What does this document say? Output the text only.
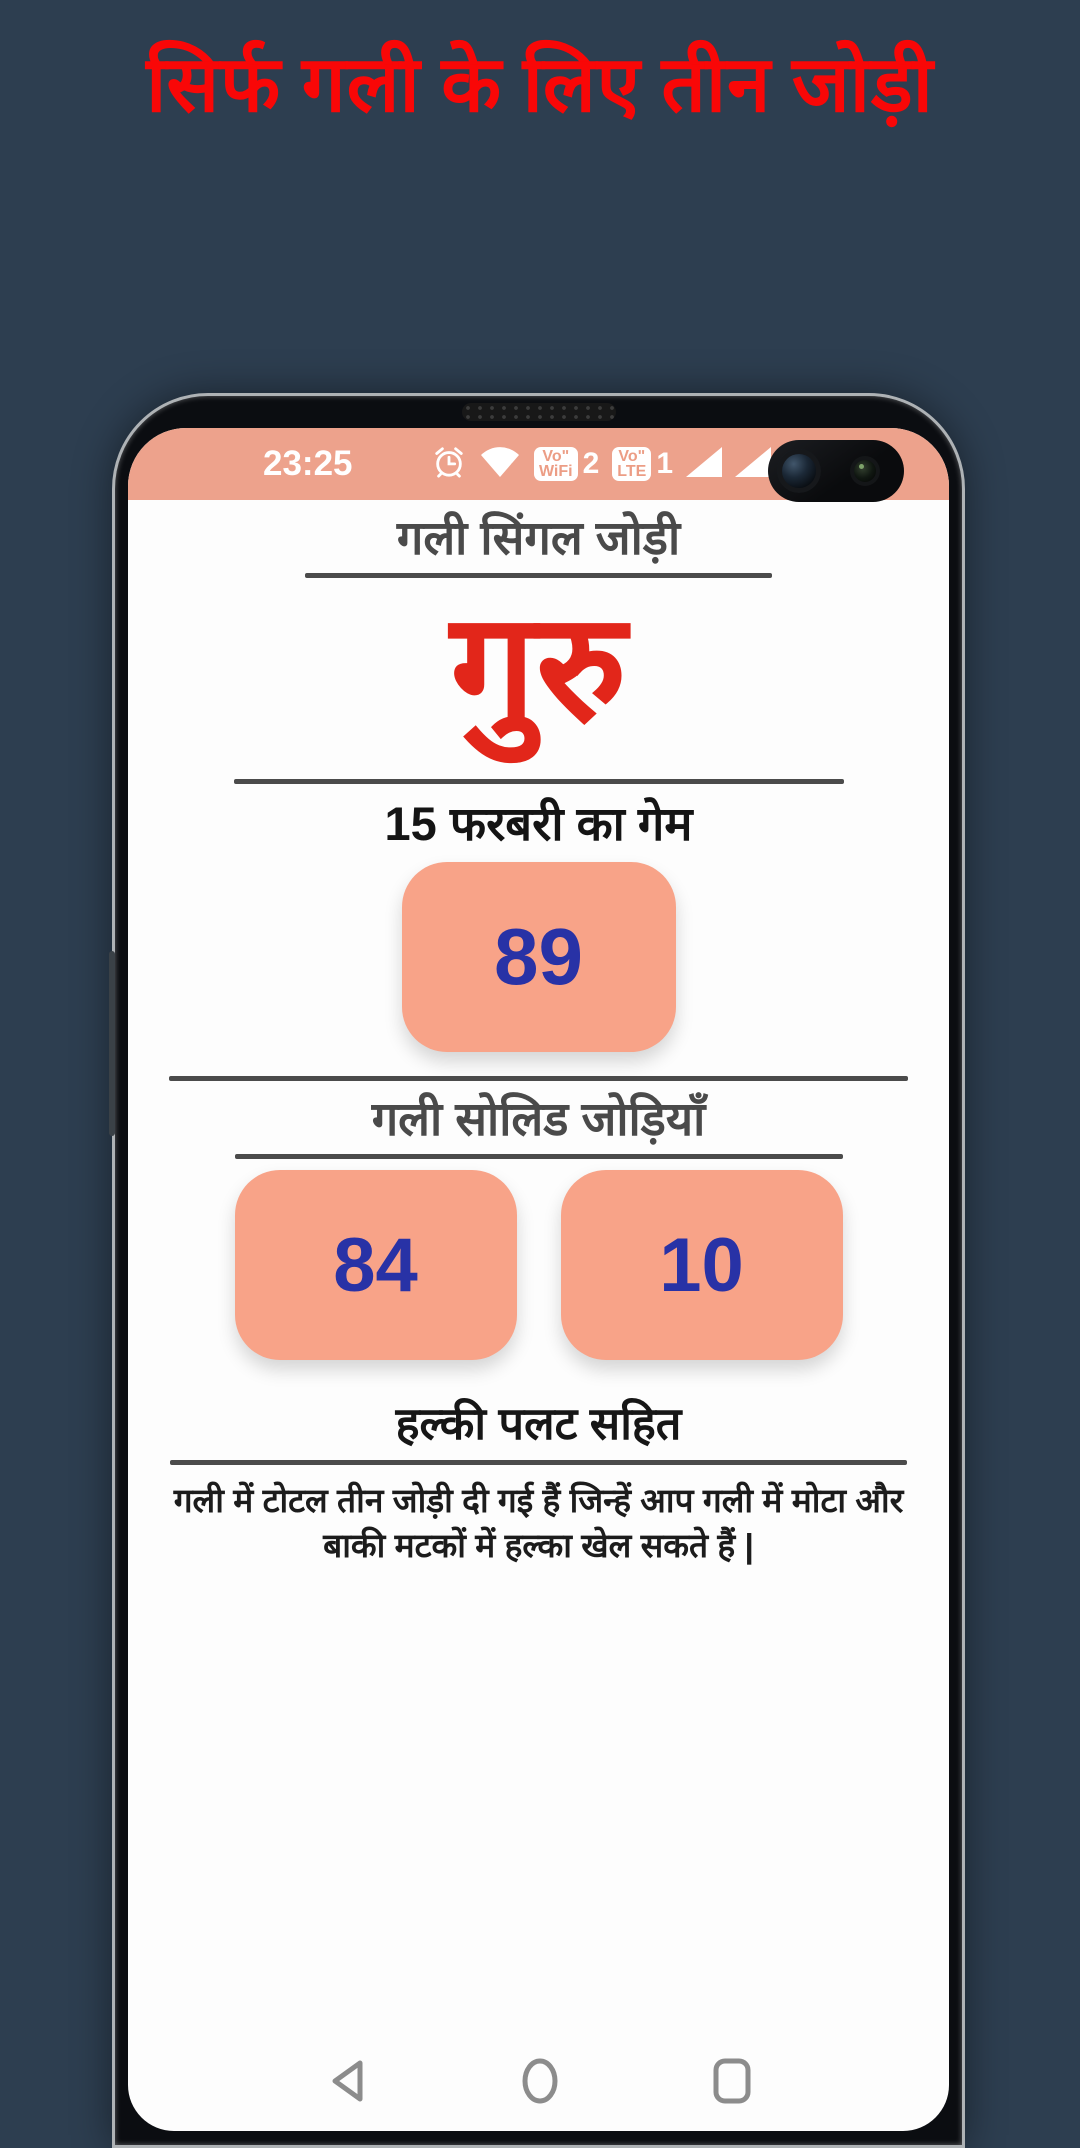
सिर्फ गली के लिए तीन जोड़ी
23:25	Voʺ
WiFi 2 Voʺ
LTE 1
गली सिंगल जोड़ी
गुरु
15 फरबरी का गेम
89
गली सोलिड जोड़ियाँ
84	10
हल्की पलट सहित
गली में टोटल तीन जोड़ी दी गई हैं जिन्हें आप गली में मोटा और
बाकी मटकों में हल्का खेल सकते हैं |
